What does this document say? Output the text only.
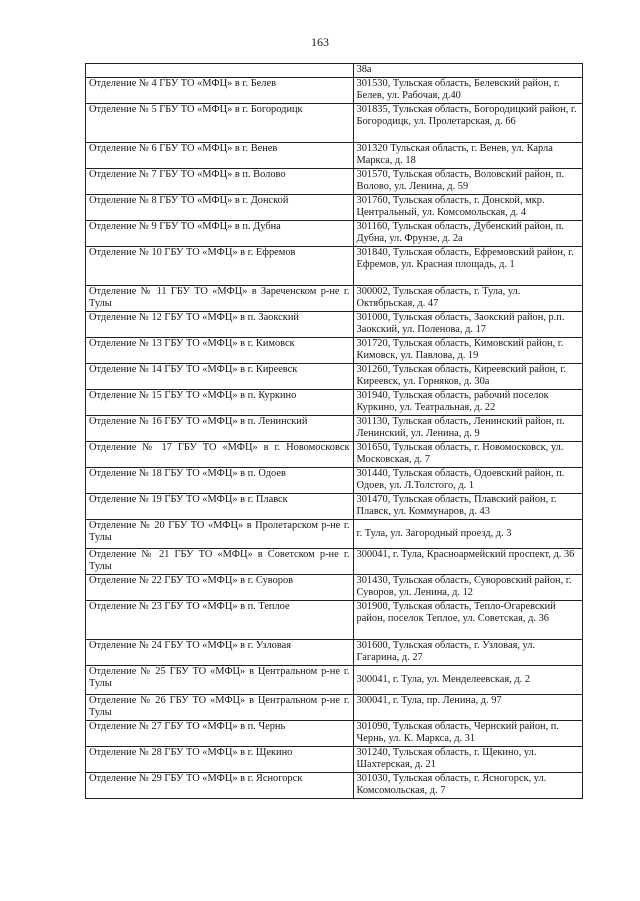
163
	38а
Отделение № 4 ГБУ ТО «МФЦ» в г. Белев	301530, Тульская область, Белевский район, г. Белев, ул. Рабочая, д.40
Отделение № 5 ГБУ ТО «МФЦ» в г. Богородицк	301835, Тульская область, Богородицкий район, г. Богородицк, ул. Пролетарская, д. 66
Отделение № 6 ГБУ ТО «МФЦ» в г. Венев	301320 Тульская область, г. Венев, ул. Карла Маркса, д. 18
Отделение № 7 ГБУ ТО «МФЦ» в п. Волово	301570, Тульская область, Воловский район, п. Волово, ул. Ленина, д. 59
Отделение № 8 ГБУ ТО «МФЦ» в г. Донской	301760, Тульская область, г. Донской, мкр. Центральный, ул. Комсомольская, д. 4
Отделение № 9 ГБУ ТО «МФЦ» в п. Дубна	301160, Тульская область, Дубенский район, п. Дубна, ул. Фрунзе, д. 2а
Отделение № 10 ГБУ ТО «МФЦ» в г. Ефремов	301840, Тульская область, Ефремовский район, г. Ефремов, ул. Красная площадь, д. 1
Отделение № 11 ГБУ ТО «МФЦ» в Зареченском р-не г. Тулы	300002, Тульская область, г. Тула, ул. Октябрьская, д. 47
Отделение № 12 ГБУ ТО «МФЦ» в п. Заокский	301000, Тульская область, Заокский район, р.п. Заокский, ул. Поленова, д. 17
Отделение № 13 ГБУ ТО «МФЦ» в г. Кимовск	301720, Тульская область, Кимовский район, г. Кимовск, ул. Павлова, д. 19
Отделение № 14 ГБУ ТО «МФЦ» в г. Киреевск	301260, Тульская область, Киреевский район, г. Киреевск, ул. Горняков, д. 30а
Отделение № 15 ГБУ ТО «МФЦ» в п. Куркино	301940, Тульская область, рабочий поселок Куркино, ул. Театральная, д. 22
Отделение № 16 ГБУ ТО «МФЦ» в п. Ленинский	301130, Тульская область, Ленинский район, п. Ленинский, ул. Ленина, д. 9
Отделение № 17 ГБУ ТО «МФЦ» в г. Новомосковск	301650, Тульская область, г. Новомосковск, ул. Московская, д. 7
Отделение № 18 ГБУ ТО «МФЦ» в п. Одоев	301440, Тульская область, Одоевский район, п. Одоев, ул. Л.Толстого, д. 1
Отделение № 19 ГБУ ТО «МФЦ» в г. Плавск	301470, Тульская область, Плавский район, г. Плавск, ул. Коммунаров, д. 43
Отделение № 20 ГБУ ТО «МФЦ» в Пролетарском р-не г. Тулы	г. Тула, ул. Загородный проезд, д. 3
Отделение № 21 ГБУ ТО «МФЦ» в Советском р-не г. Тулы	300041, г. Тула, Красноармейский проспект, д. 36
Отделение № 22 ГБУ ТО «МФЦ» в г. Суворов	301430, Тульская область, Суворовский район, г. Суворов, ул. Ленина, д. 12
Отделение № 23 ГБУ ТО «МФЦ» в п. Теплое	301900, Тульская область, Тепло-Огаревский район, поселок Теплое, ул. Советская, д. 36
Отделение № 24 ГБУ ТО «МФЦ» в г. Узловая	301600, Тульская область, г. Узловая, ул. Гагарина, д. 27
Отделение № 25 ГБУ ТО «МФЦ» в Центральном р-не г. Тулы	300041, г. Тула, ул. Менделеевская, д. 2
Отделение № 26 ГБУ ТО «МФЦ» в Центральном р-не г. Тулы	300041, г. Тула, пр. Ленина, д. 97
Отделение № 27 ГБУ ТО «МФЦ» в п. Чернь	301090, Тульская область, Чернский район, п. Чернь, ул. К. Маркса, д. 31
Отделение № 28 ГБУ ТО «МФЦ» в г. Щекино	301240, Тульская область, г. Щекино, ул. Шахтерская, д. 21
Отделение № 29 ГБУ ТО «МФЦ» в г. Ясногорск	301030, Тульская область, г. Ясногорск, ул. Комсомольская, д. 7
